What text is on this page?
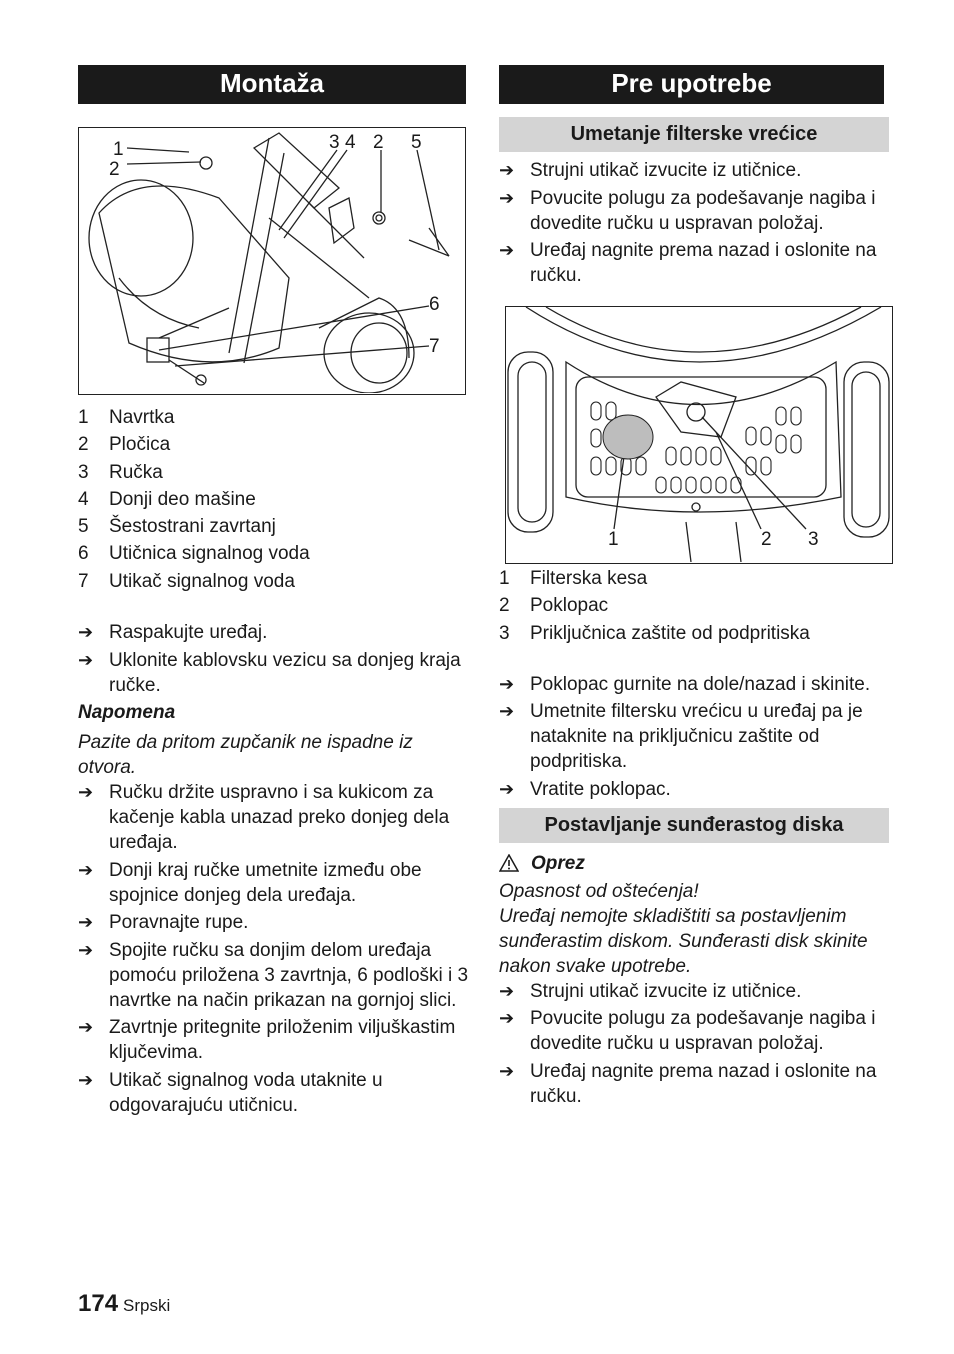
Montaža
1
2
3 4 2 5
6
7
1	Navrtka
2	Pločica
3	Ručka
4	Donji deo mašine
5	Šestostrani zavrtanj
6	Utičnica signalnog voda
7	Utikač signalnog voda
➔ Raspakujte uređaj.
➔ Uklonite kablovsku vezicu sa donjeg kraja ručke.
Napomena
Pazite da pritom zupčanik ne ispadne iz otvora.
➔ Ručku držite uspravno i sa kukicom za kačenje kabla unazad preko donjeg dela uređaja.
➔ Donji kraj ručke umetnite između obe spojnice donjeg dela uređaja.
➔ Poravnajte rupe.
➔ Spojite ručku sa donjim delom uređaja pomoću priložena 3 zavrtnja, 6 podloški i 3 navrtke na način prikazan na gornjoj slici.
➔ Zavrtnje pritegnite priloženim viljuškastim ključevima.
➔ Utikač signalnog voda utaknite u odgovarajuću utičnicu.
Pre upotrebe
Umetanje filterske vrećice
➔ Strujni utikač izvucite iz utičnice.
➔ Povucite polugu za podešavanje nagiba i dovedite ručku u uspravan položaj.
➔ Uređaj nagnite prema nazad i oslonite na ručku.
1	2 3
1	Filterska kesa
2	Poklopac
3	Priključnica zaštite od podpritiska
➔ Poklopac gurnite na dole/nazad i skinite.
➔ Umetnite filtersku vrećicu u uređaj pa je nataknite na priključnicu zaštite od podpritiska.
➔ Vratite poklopac.
Postavljanje sunđerastog diska
Oprez
Opasnost od oštećenja!
Uređaj nemojte skladištiti sa postavljenim sunđerastim diskom. Sunđerasti disk skinite nakon svake upotrebe.
➔ Strujni utikač izvucite iz utičnice.
➔ Povucite polugu za podešavanje nagiba i dovedite ručku u uspravan položaj.
➔ Uređaj nagnite prema nazad i oslonite na ručku.
174 Srpski
